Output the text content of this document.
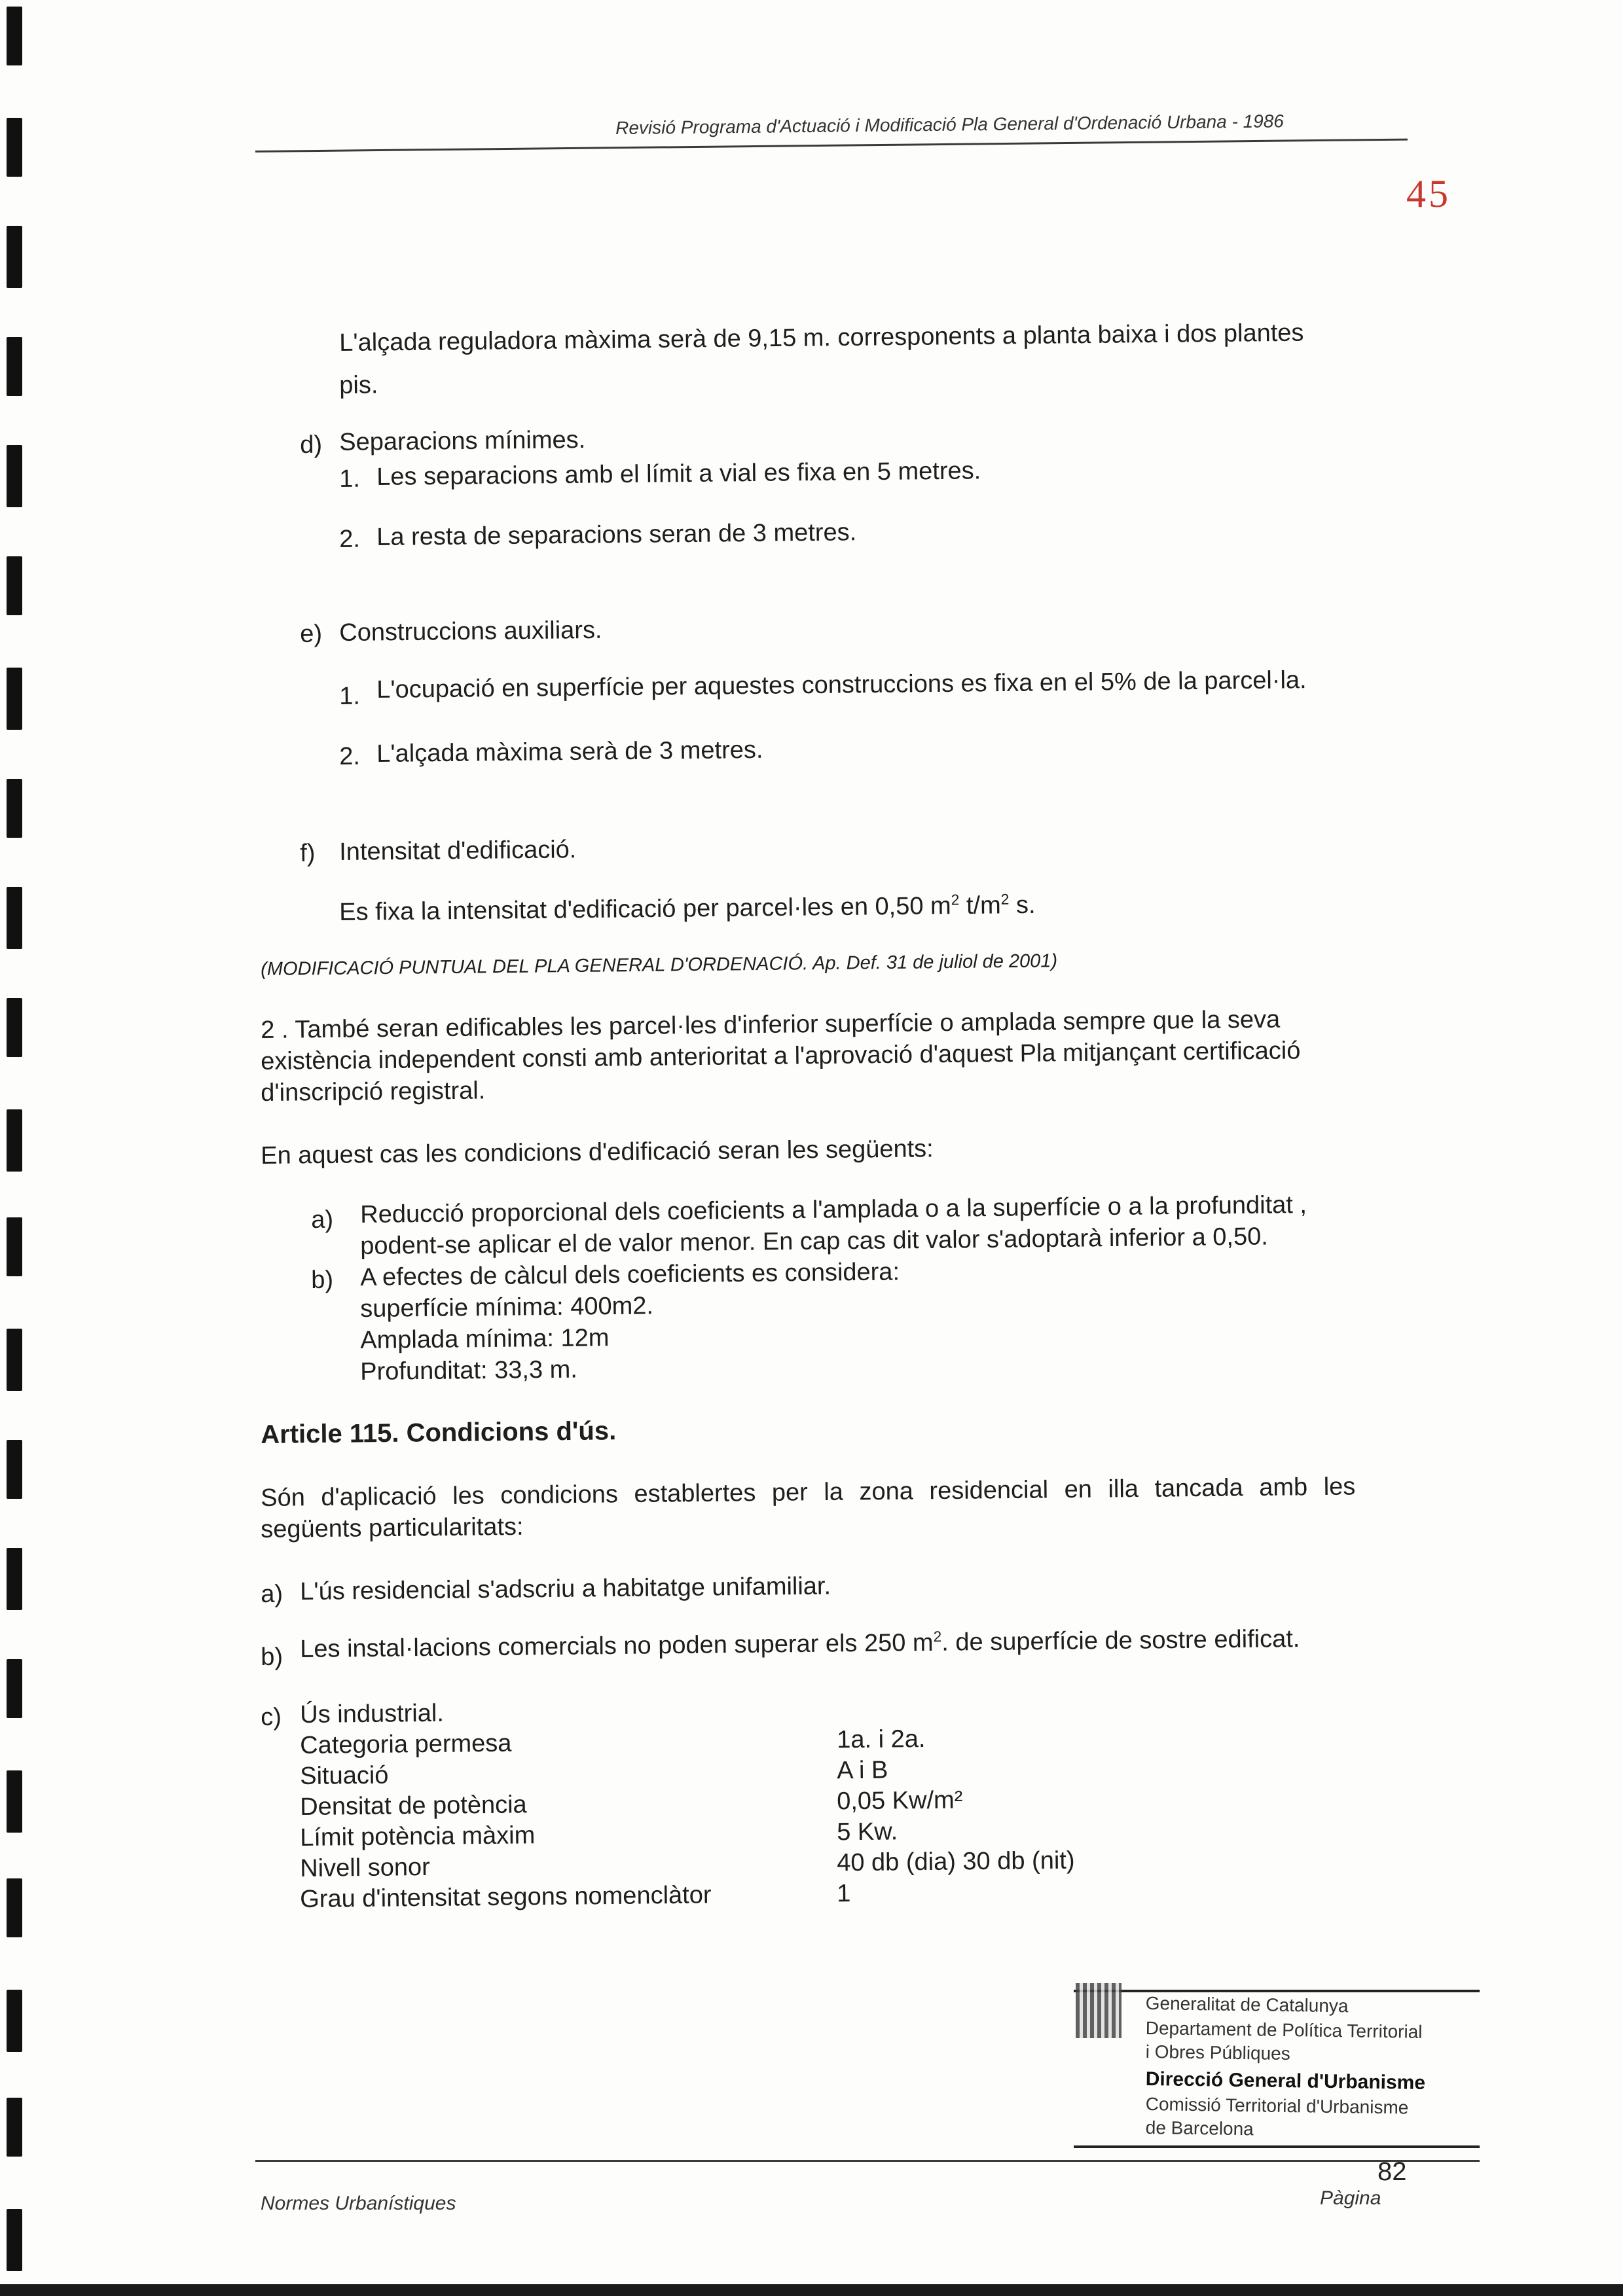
Revisió Programa d'Actuació i Modificació Pla General d'Ordenació Urbana - 1986
45
L'alçada reguladora màxima serà de 9,15 m. corresponents a planta baixa i dos plantes
pis.
d) Separacions mínimes.
1. Les separacions amb el límit a vial es fixa en 5 metres.
2. La resta de separacions seran de 3 metres.
e) Construccions auxiliars.
1. L'ocupació en superfície per aquestes construccions es fixa en el 5% de la parcel·la.
2. L'alçada màxima serà de 3 metres.
f) Intensitat d'edificació.
Es fixa la intensitat d'edificació per parcel·les en 0,50 $m^2$ $t/m^2$ s.
(MODIFICACIÓ PUNTUAL DEL PLA GENERAL D'ORDENACIÓ. Ap. Def. 31 de juliol de 2001)
2 . També seran edificables les parcel·les d'inferior superfície o amplada sempre que la seva
existència independent consti amb anterioritat a l'aprovació d'aquest Pla mitjançant certificació
d'inscripció registral.
En aquest cas les condicions d'edificació seran les següents:
a) Reducció proporcional dels coeficients a l'amplada o a la superfície o a la profunditat ,
podent-se aplicar el de valor menor. En cap cas dit valor s'adoptarà inferior a 0,50.
b) A efectes de càlcul dels coeficients es considera:
superfície mínima: 400m2.
Amplada mínima: 12m
Profunditat: 33,3 m.
Article 115. Condicions d'ús.
Són d'aplicació les condicions establertes per la zona residencial en illa tancada amb les
següents particularitats:
a) L'ús residencial s'adscriu a habitatge unifamiliar.
b) Les instal·lacions comercials no poden superar els 250 $m^2$. de superfície de sostre edificat.
c) Ús industrial.
Categoria permesa	1a. i 2a.
Situació	A i B
Densitat de potència	0,05 Kw/m²
Límit potència màxim	5 Kw.
Nivell sonor	40 db (dia) 30 db (nit)
Grau d'intensitat segons nomenclàtor	1
Generalitat de Catalunya
Departament de Política Territorial
i Obres Públiques
Direcció General d'Urbanisme
Comissió Territorial d'Urbanisme
de Barcelona
82
Pàgina
Normes Urbanístiques
